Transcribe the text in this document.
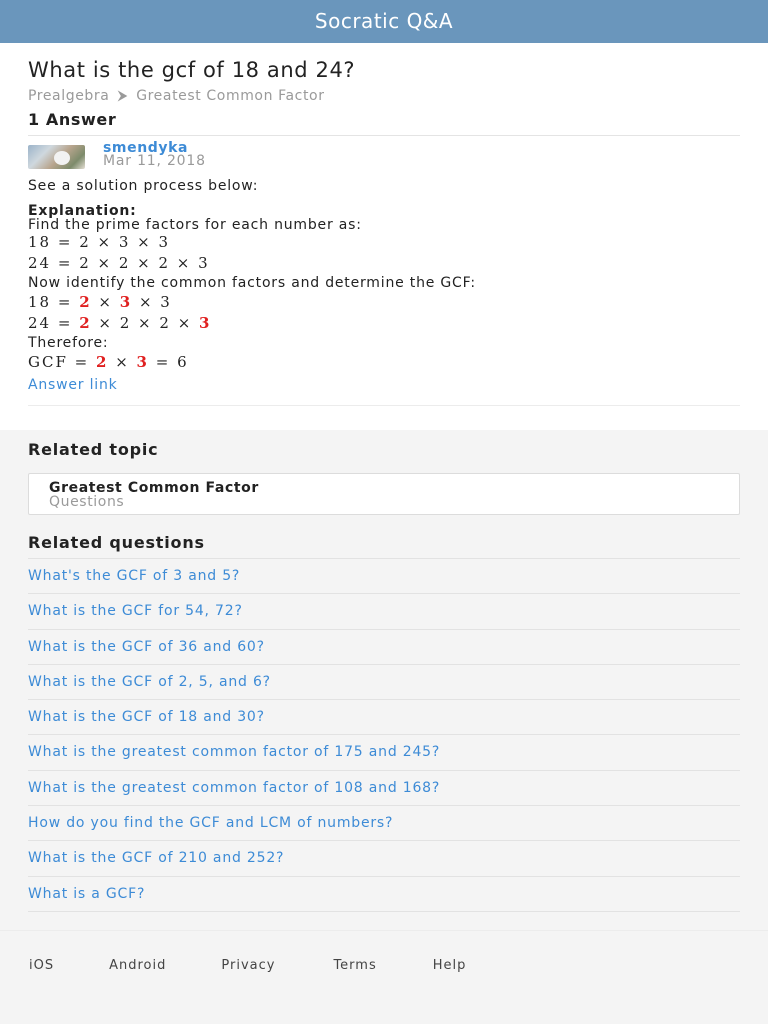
Socratic Q&A
What is the gcf of 18 and 24?
Prealgebra ⮞ Greatest Common Factor
1 Answer
smendyka
Mar 11, 2018
See a solution process below:
Explanation:
Find the prime factors for each number as:
18 = 2 × 3 × 3
24 = 2 × 2 × 2 × 3
Now identify the common factors and determine the GCF:
18 = 2 × 3 × 3
24 = 2 × 2 × 2 × 3
Therefore:
GCF = 2 × 3 = 6
Answer link
Related topic
Greatest Common Factor
Questions
Related questions
What's the GCF of 3 and 5?
What is the GCF for 54, 72?
What is the GCF of 36 and 60?
What is the GCF of 2, 5, and 6?
What is the GCF of 18 and 30?
What is the greatest common factor of 175 and 245?
What is the greatest common factor of 108 and 168?
How do you find the GCF and LCM of numbers?
What is the GCF of 210 and 252?
What is a GCF?
iOS	Android	Privacy	Terms	Help
